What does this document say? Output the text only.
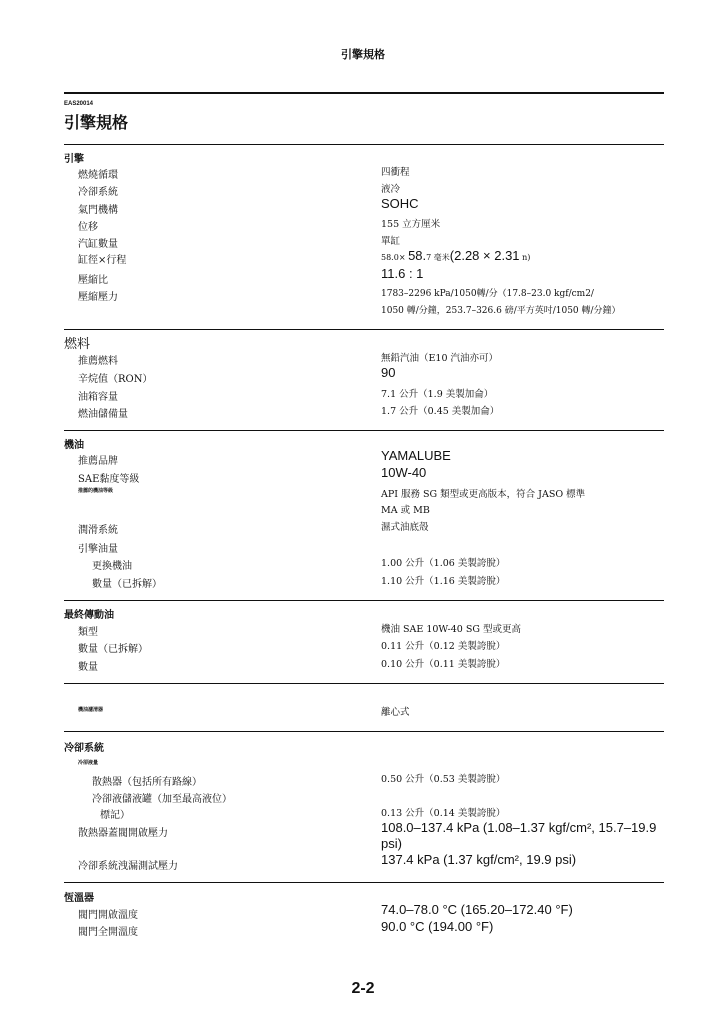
引擎規格
EAS20014
引擎規格
引擎
燃燒循環	四衝程
冷卻系統	液冷
氣門機構	SOHC
位移	155 立方厘米
汽缸數量	單缸
缸徑×行程	58.0× 58.7 毫米(2.28 × 2.31 n)
壓縮比	11.6 : 1
壓縮壓力	1783–2296 kPa/1050轉/分（17.8–23.0 kgf/cm2/
1050 轉/分鐘，253.7–326.6 磅/平方英吋/1050 轉/分鐘）
燃料
推薦燃料	無鉛汽油（E10 汽油亦可）
辛烷值（RON）	90
油箱容量	7.1 公升（1.9 美製加侖）
燃油儲備量	1.7 公升（0.45 美製加侖）
機油
推薦品牌	YAMALUBE
SAE黏度等級	10W-40
推薦的機油等級	API 服務 SG 類型或更高版本，符合 JASO 標準
MA 或 MB
潤滑系統	濕式油底殼
引擎油量
更換機油	1.00 公升（1.06 美製誇脫）
數量（已拆解）	1.10 公升（1.16 美製誇脫）
最終傳動油
類型	機油 SAE 10W-40 SG 型或更高
數量（已拆解）	0.11 公升（0.12 美製誇脫）
數量	0.10 公升（0.11 美製誇脫）
機油濾清器	離心式
冷卻系統
冷卻液量
散熱器（包括所有路線）	0.50 公升（0.53 美製誇脫）
冷卻液儲液罐（加至最高液位）
標記）	0.13 公升（0.14 美製誇脫）
散熱器蓋閥開啟壓力	108.0–137.4 kPa (1.08–1.37 kgf/cm², 15.7–19.9
psi)
冷卻系統洩漏測試壓力	137.4 kPa (1.37 kgf/cm², 19.9 psi)
恆溫器
閥門開啟溫度	74.0–78.0 °C (165.20–172.40 °F)
閥門全開溫度	90.0 °C (194.00 °F)
2-2
